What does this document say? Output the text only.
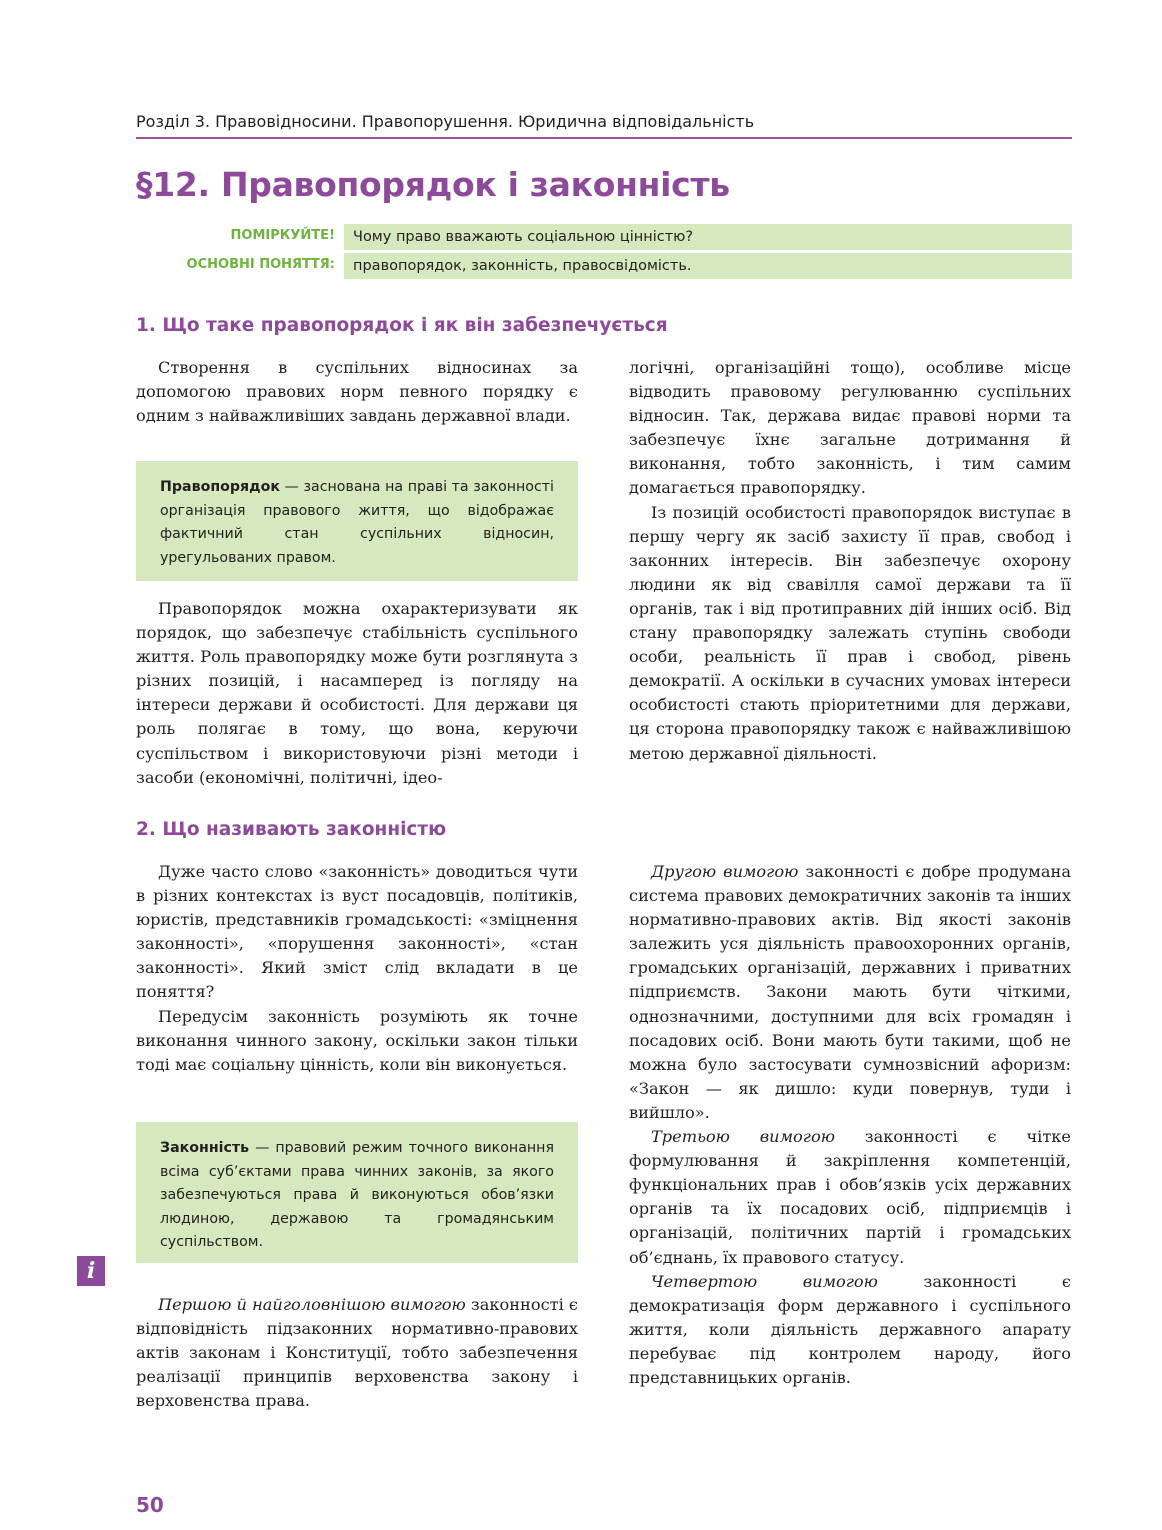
Розділ 3. Правовідносини. Правопорушення. Юридична відповідальність
§12. Правопорядок і законність
ПОМІРКУЙТЕ!	Чому право вважають соціальною цінністю?
ОСНОВНІ ПОНЯТТЯ:	правопорядок, законність, правосвідомість.
1. Що таке правопорядок і як він забезпечується

Створення в суспільних відносинах за допомогою правових норм певного порядку є одним з найважливіших завдань державної влади.

Правопорядок — заснована на праві та законності організація правового життя, що відображає фактичний стан суспільних відносин, урегульованих правом.

Правопорядок можна охарактеризувати як порядок, що забезпечує стабільність суспільного життя. Роль правопорядку може бути розглянута з різних позицій, і насамперед із погляду на інтереси держави й особистості. Для держави ця роль полягає в тому, що вона, керуючи суспільством і використовуючи різні методи і засоби (економічні, політичні, ідео-

логічні, організаційні тощо), особливе місце відводить правовому регулюванню суспільних відносин. Так, держава видає правові норми та забезпечує їхнє загальне дотримання й виконання, тобто законність, і тим самим домагається правопорядку.

Із позицій особистості правопорядок виступає в першу чергу як засіб захисту її прав, свобод і законних інтересів. Він забезпечує охорону людини як від свавілля самої держави та її органів, так і від протиправних дій інших осіб. Від стану правопорядку залежать ступінь свободи особи, реальність її прав і свобод, рівень демократії. А оскільки в сучасних умовах інтереси особистості стають пріоритетними для держави, ця сторона правопорядку також є найважливішою метою державної діяльності.

2. Що називають законністю

Дуже часто слово «законність» доводиться чути в різних контекстах із вуст посадовців, політиків, юристів, представників громадськості: «зміцнення законності», «порушення законності», «стан законності». Який зміст слід вкладати в це поняття?

Передусім законність розуміють як точне виконання чинного закону, оскільки закон тільки тоді має соціальну цінність, коли він виконується.

Законність — правовий режим точного виконання всіма суб’єктами права чинних законів, за якого забезпечуються права й виконуються обов’язки людиною, державою та громадянським суспільством.

Першою й найголовнішою вимогою законності є відповідність підзаконних нормативно-правових актів законам і Конституції, тобто забезпечення реалізації принципів верховенства закону і верховенства права.

Другою вимогою законності є добре продумана система правових демократичних законів та інших нормативно-правових актів. Від якості законів залежить уся діяльність правоохоронних органів, громадських організацій, державних і приватних підприємств. Закони мають бути чіткими, однозначними, доступними для всіх громадян і посадових осіб. Вони мають бути такими, щоб не можна було застосувати сумнозвісний афоризм: «Закон — як дишло: куди повернув, туди і вийшло».

Третьою вимогою законності є чітке формулювання й закріплення компетенцій, функціональних прав і обов’язків усіх державних органів та їх посадових осіб, підприємців і організацій, політичних партій і громадських об’єднань, їх правового статусу.

Четвертою вимогою законності є демократизація форм державного і суспільного життя, коли діяльність державного апарату перебуває під контролем народу, його представницьких органів.

i
50
